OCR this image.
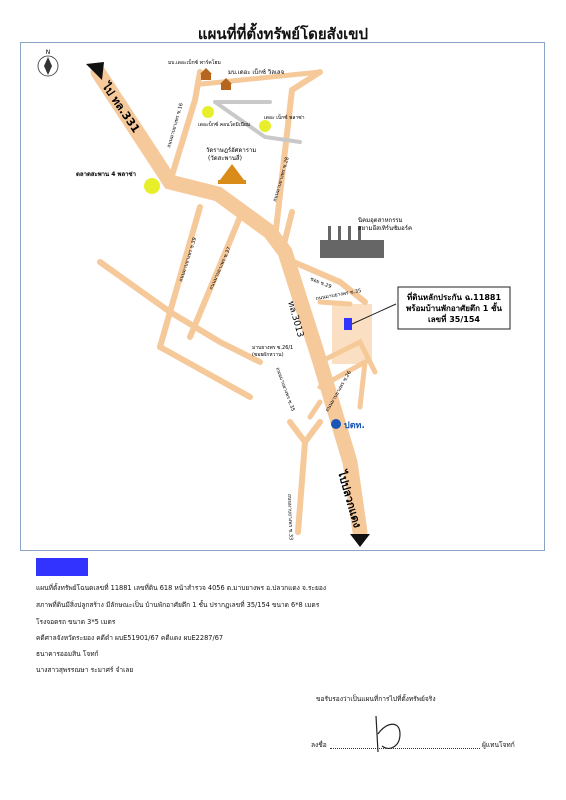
แผนที่ที่ตั้งทรัพย์โดยสังเขป
ที่ดินหลักประกัน ฉ.11881
พร้อมบ้านพักอาศัยตึก 1 ชั้น
เลขที่ 35/154
N
ไป ทล.331
ทล.3013
ไปปลวกแดง
ถนนมาบยางพร ซ.16
ถนนมาบยางพร ซ.28
ถนนมาบยางพร ซ.39 ถนนมาบยางพร ซ.37	ซอย ซ.29
ถนนมาบยางพร ซ.35
มาบยางพร ซ.26/1
(ซอยผักหวาน)
ถนนมาบยางพร ซ.26
ถนนมาบยางพร ซ.33
ถนนมาบยางพร ซ.35
มบ.เดอะเบ็กซ์ พาร์คโฮม
มบ.เดอะ เบ็กซ์ วิลเลจ
เดอะบ็กซ์ คอนโดมิเนียม
เดอะ เบ็กซ์ พลาซ่า
วัดราษฎร์อัศดาราม
(วัดสะพานสี่)
ตลาดสะพาน 4 พลาซ่า
นิคมอุตสาหกรรม
สยามอีสเทิร์นซัมอร์ค
ปตท.
แผนที่ตั้งทรัพย์โฉนดเลขที่ 11881 เลขที่ดิน 618 หน้าสำรวจ 4056 ต.มาบยางพร อ.ปลวกแดง จ.ระยอง
สภาพที่ดินมีสิ่งปลูกสร้าง มีลักษณะเป็น บ้านพักอาศัยตึก 1 ชั้น ปรากฏเลขที่ 35/154 ขนาด 6*8 เมตร
โรงจอดรถ ขนาด 3*5 เมตร
คดีศาลจังหวัดระยอง คดีดำ ผบE51901/67 คดีแดง ผบE2287/67
ธนาคารออมสิน โจทก์
นางสาวสุพรรณษา ระมาศร์ จำเลย
ขอรับรองว่าเป็นแผนที่การไปที่ตั้งทรัพย์จริง
ลงชื่อ	ผู้แทนโจทก์
